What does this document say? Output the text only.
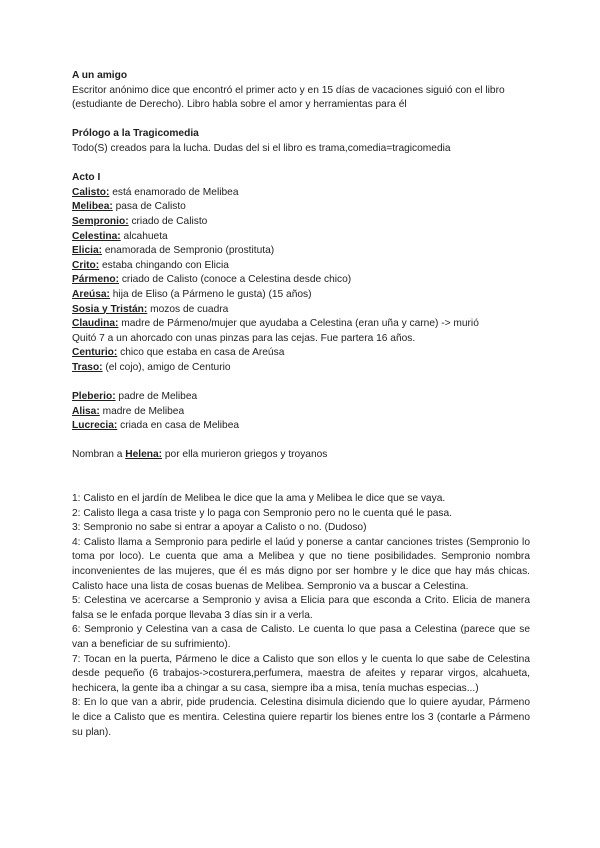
A un amigo
Escritor anónimo dice que encontró el primer acto y en 15 días de vacaciones siguió con el libro (estudiante de Derecho). Libro habla sobre el amor y herramientas para él
Prólogo a la Tragicomedia
Todo(S) creados para la lucha. Dudas del si el libro es trama,comedia=tragicomedia
Acto I
Calisto: está enamorado de Melibea
Melibea: pasa de Calisto
Sempronio: criado de Calisto
Celestina: alcahueta
Elicia: enamorada de Sempronio (prostituta)
Crito: estaba chingando con Elicia
Pármeno: criado de Calisto (conoce a Celestina desde chico)
Areúsa: hija de Eliso (a Pármeno le gusta) (15 años)
Sosia y Tristán: mozos de cuadra
Claudina: madre de Pármeno/mujer que ayudaba a Celestina (eran uña y carne) -> murió
Quitó 7 a un ahorcado con unas pinzas para las cejas. Fue partera 16 años.
Centurio: chico que estaba en casa de Areúsa
Traso: (el cojo), amigo de Centurio
Pleberio: padre de Melibea
Alisa: madre de Melibea
Lucrecia: criada en casa de Melibea
Nombran a Helena: por ella murieron griegos y troyanos
1: Calisto en el jardín de Melibea le dice que la ama y Melibea le dice que se vaya.
2: Calisto llega a casa triste y lo paga con Sempronio pero no le cuenta qué le pasa.
3: Sempronio no sabe si entrar a apoyar a Calisto o no. (Dudoso)
4: Calisto llama a Sempronio para pedirle el laúd y ponerse a cantar canciones tristes (Sempronio lo toma por loco). Le cuenta que ama a Melibea y que no tiene posibilidades. Sempronio nombra inconvenientes de las mujeres, que él es más digno por ser hombre y le dice que hay más chicas. Calisto hace una lista de cosas buenas de Melibea. Sempronio va a buscar a Celestina.
5: Celestina ve acercarse a Sempronio y avisa a Elicia para que esconda a Crito. Elicia de manera falsa se le enfada porque llevaba 3 días sin ir a verla.
6: Sempronio y Celestina van a casa de Calisto. Le cuenta lo que pasa a Celestina (parece que se van a beneficiar de su sufrimiento).
7: Tocan en la puerta, Pármeno le dice a Calisto que son ellos y le cuenta lo que sabe de Celestina desde pequeño (6 trabajos->costurera,perfumera, maestra de afeites y reparar virgos, alcahueta, hechicera, la gente iba a chingar a su casa, siempre iba a misa, tenía muchas especias...)
8: En lo que van a abrir, pide prudencia. Celestina disimula diciendo que lo quiere ayudar, Pármeno le dice a Calisto que es mentira. Celestina quiere repartir los bienes entre los 3 (contarle a Pármeno su plan).
